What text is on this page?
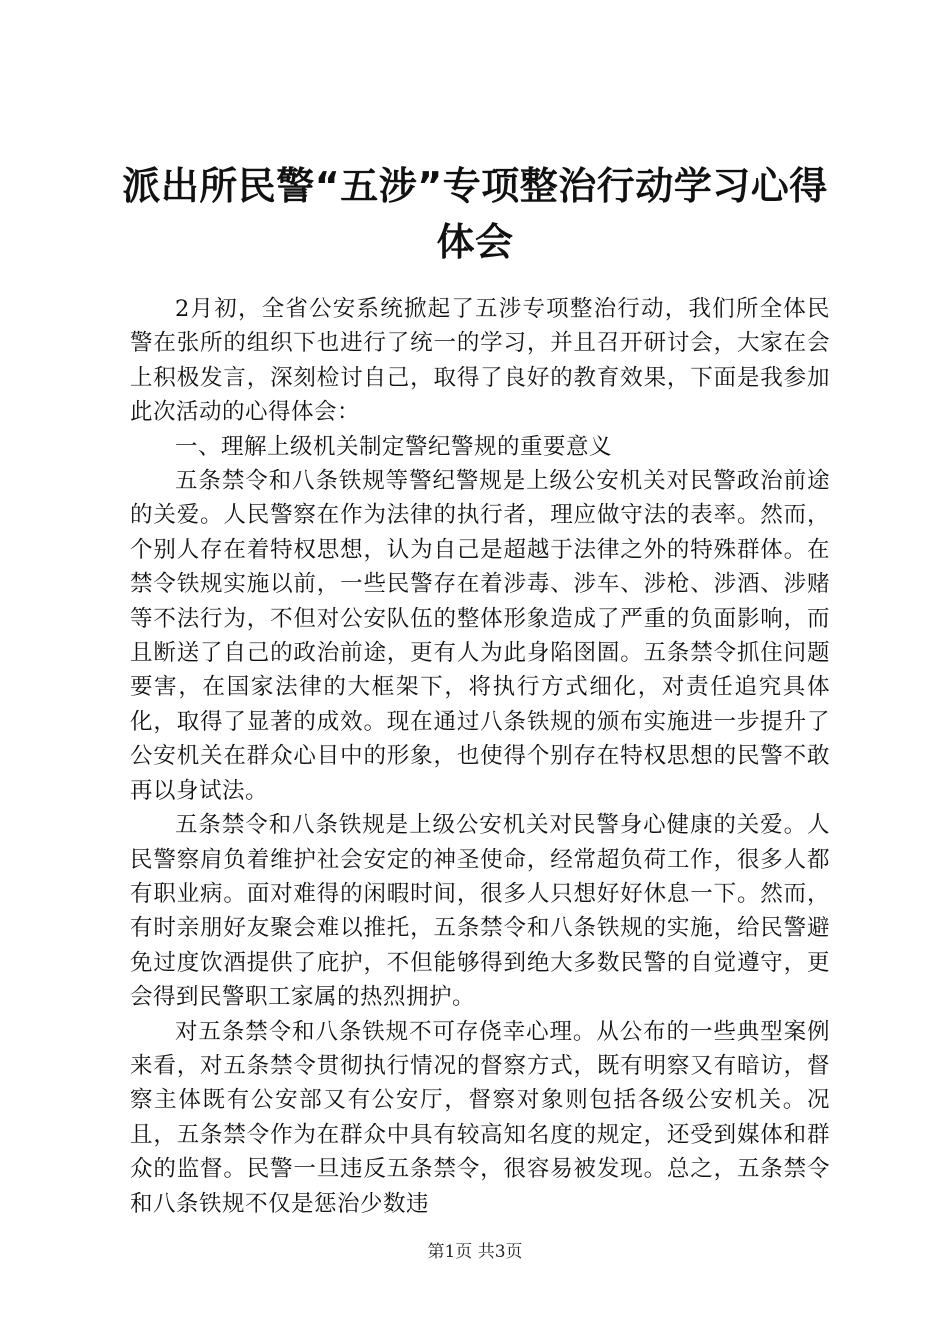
派出所民警“五涉”专项整治行动学习心得体会

2月初，全省公安系统掀起了五涉专项整治行动，我们所全体民警在张所的组织下也进行了统一的学习，并且召开研讨会，大家在会上积极发言，深刻检讨自己，取得了良好的教育效果，下面是我参加此次活动的心得体会：

一、理解上级机关制定警纪警规的重要意义

五条禁令和八条铁规等警纪警规是上级公安机关对民警政治前途的关爱。人民警察在作为法律的执行者，理应做守法的表率。然而，个别人存在着特权思想，认为自己是超越于法律之外的特殊群体。在禁令铁规实施以前，一些民警存在着涉毒、涉车、涉枪、涉酒、涉赌等不法行为，不但对公安队伍的整体形象造成了严重的负面影响，而且断送了自己的政治前途，更有人为此身陷囹圄。五条禁令抓住问题要害，在国家法律的大框架下，将执行方式细化，对责任追究具体化，取得了显著的成效。现在通过八条铁规的颁布实施进一步提升了公安机关在群众心目中的形象，也使得个别存在特权思想的民警不敢再以身试法。

五条禁令和八条铁规是上级公安机关对民警身心健康的关爱。人民警察肩负着维护社会安定的神圣使命，经常超负荷工作，很多人都有职业病。面对难得的闲暇时间，很多人只想好好休息一下。然而，有时亲朋好友聚会难以推托，五条禁令和八条铁规的实施，给民警避免过度饮酒提供了庇护，不但能够得到绝大多数民警的自觉遵守，更会得到民警职工家属的热烈拥护。

对五条禁令和八条铁规不可存侥幸心理。从公布的一些典型案例来看，对五条禁令贯彻执行情况的督察方式，既有明察又有暗访，督察主体既有公安部又有公安厅，督察对象则包括各级公安机关。况且，五条禁令作为在群众中具有较高知名度的规定，还受到媒体和群众的监督。民警一旦违反五条禁令，很容易被发现。总之，五条禁令和八条铁规不仅是惩治少数违

第1页 共3页
